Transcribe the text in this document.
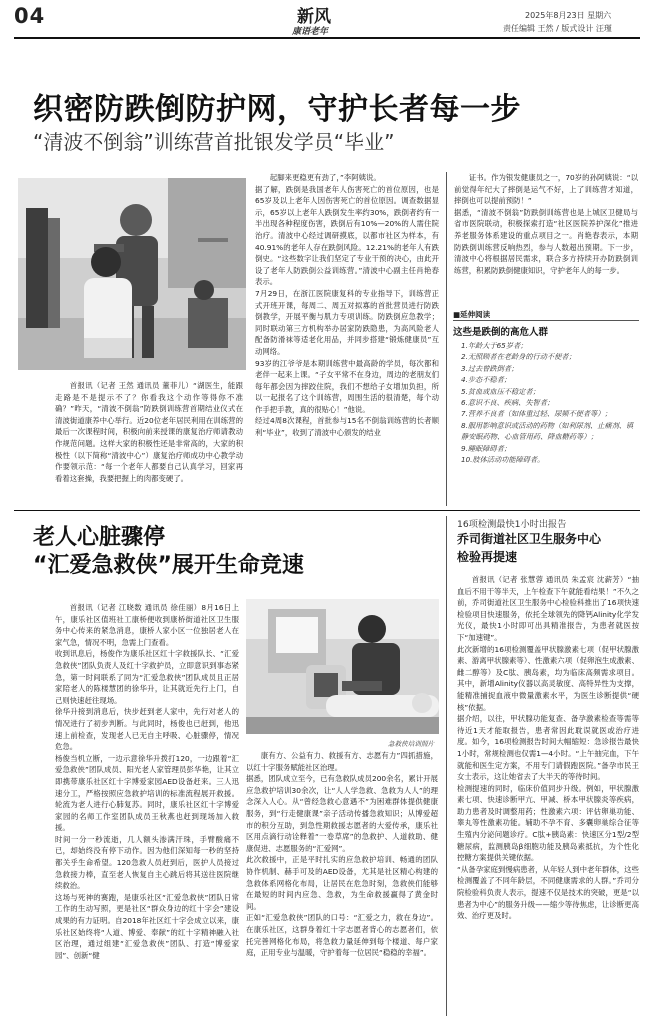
04	新风
康语老年
2025年8月23日 星期六
责任编辑 王然 / 版式设计 汪瑾
织密防跌倒防护网，守护长者每一步
“清波不倒翁”训练营首批银发学员“毕业”
首报讯（记者 王然 通讯员 董菲儿）“湖医生，能跟走路是不是提示不了？你看我这个动作等得你不准确？”昨天，“清波不倒翁”防跌倒训练营首期结业仪式在清波街道康养中心举行。近20位老年居民利用在训练营的最后一次课程时间，积极向前来授课的康复治疗师请教动作规范问题。这样大家的积极性还是非常高的，大家的积极性（以下简称“清波中心”）康复治疗师成功中心教学动作要领示范：“每一个老年人都要自己认真学习，回家再看着这套操，我要把握上的肉都变硬了。
起脚来更稳更有劲了，”李阿姨说。
据了解，跌倒是我国老年人伤害死亡的首位原因，也是65岁及以上老年人因伤害死亡的首位原因。调查数据显示，65岁以上老年人跌倒发生率约30%，跌倒者约有一半出现各种程度伤害，跌倒后有10%—20%的人需住院治疗。清波中心经过调研摸底，以都市社区为样本，有40.91%的老年人存在跌倒风险。12.21%的老年人有跌倒史。“这些数字让我们坚定了专业干预的决心，由此开设了老年人防跌倒公益训练营。”清波中心副主任肖艳春表示。
7月29日，在浙江医院康复科的专业指导下，训练营正式开班开课，每周二、周五对拟寡的首批营员进行防跌倒教学，开展平衡与肌力专项训练。防跌倒应急教学；同时联动第三方机构举办居家防跌隐患，为高风险老人配备防滑袜等适老化用品，并同步搭建“锻炼健康员”互动网络。
93岁的江爷爷是本期训练营中最高龄的学员，每次都和老伴一起来上课。“子女平常不在身边，周边的老朋友们每年都会因为摔跤住院，我们不想给子女增加负担，所以一起报名了这个训练营，周围生活的很清楚，每个动作手把手教，真的很贴心！”他说。
经过4周8次课程，首批参与15名不倒翁训练营的长者顺利“毕业”，收到了清波中心颁发的结业
证书。作为银发健康员之一，70岁的孙阿姨说：“以前觉得年纪大了摔倒是运气不好，上了训练营才知道，摔倒也可以提前预防！”
据悉，“清波不倒翁”防跌倒训练营也是上城区卫健局与省市医院联动，积极探索打造“社区医院养护深化”推进养老服务体系建设的重点项目之一。肖艳春表示，本期防跌倒训练营反响热烈，参与人数超出预期。下一步，清波中心将根据居民需求，联合多方持续开办防跌倒训练营，积累防跌倒健康知识，守护老年人的每一步。
■延伸阅读
这些是跌倒的高危人群
1.年龄大于65岁者；
2.无照顾者在老龄身的行动不便者；
3.过去曾跌倒者；
4.步态不稳者；
5.贫血或血压不稳定者；
6.意识不良、疾病、失智者；
7.营养不良者（如体重过轻、尿频不便者等）；
8.服用影响意识或活动的药物（如利尿剂、止痛剂、镇静安眠药物、心血管用药、降血糖药等）；
9.睡眠障碍者；
10.肢体活动功能障碍者。
老人心脏骤停
“汇爱急救侠”展开生命竞速
首报讯（记者 江晓数 通讯员 徐佳丽）8月16日上午，康乐社区值班社工康桥便收到康桥街道社区卫生服务中心传来的紧急消息，康桥人家小区一位独居老人在家气急，情况不明，急需上门查看。
收到讯息后，杨俊作为康乐社区红十字救援队长、“汇爱急救侠”团队负责人及红十字救护员，立即意识到事态紧急，第一时间联系了同为“汇爱急救侠”团队成员且正居家陪老人的陈楼慧团的徐华升，让其就近先行上门，自己则快速赶往现场。
徐华升接到消息后，快步赶到老人家中，先行对老人的情况进行了初步判断。与此同时，杨俊也已赶到，他迅速上前检查，发现老人已无自主呼吸、心脏骤停，情况危急。
杨俊当机立断，一边示意徐华升拨打120，一边跟着“汇爱急救侠”团队成员、阳光老人家管理员彭华艳，让其立即携带康乐社区红十字博爱家园AED设备赶来。三人迅速分工，严格按照应急救护培训的标准流程展开救援。轮流为老人进行心肺复苏。同时，康乐社区红十字博爱家园的名师工作室团队成员王秋燕也赶到现场加入救援。
时间一分一秒流逝，几人额头渗满汗珠，手臂酸痛不已，却始终没有停下动作。因为他们深知每一秒的坚持都关乎生命希望。120急救人员赶到后，医护人员接过急救接力棒，直至老人恢复自主心跳后将其送往医院继续救治。
这场与死神的赛跑，是康乐社区“汇爱急救侠”团队日常工作的生动写照，更是社区“群众身边的红十字会”建设成果的有力证明。自2018年社区红十字会成立以来，康乐社区始终将“人道、博爱、奉献”的红十字精神融入社区治理，通过组建“汇爱急救侠”团队、打造“博爱家园”、创新“健
急救侠培训照片
康有方、公益有力、救援有方、志愿有力”四抓措施，以红十字服务赋能社区治理。
据悉，团队成立至今，已有急救队成员200余名，累计开展应急救护培训30余次，让“人人学急救、急救为人人”的理念深入人心。从“曾经急救心意遇不”为困难群体提供健康服务，到“行走健康课”亲子活动传播急救知识；从博爱超市的积分互助，到急性期救援志愿者的大爱传承，康乐社区用点滴行动诠释着“一卷草席”的急救护、人道救助、健康促进、志愿服务的“汇爱网”。
此次救援中，正是平时扎实的应急救护培训、畅通的团队协作机制、赫手可及的AED设备，尤其是社区精心构建的急救体系网格化布局，让居民在危急时刻，急救侠们能够在最短的时间内应急、急救，为生命救援赢得了黄金时间。
正如“汇爱急救侠”团队的口号：“汇爱之力，救在身边”。在康乐社区，这群身着红十字志愿者背心的志愿者们，依托完善网格化布局，将急救力量延伸到每个楼道、每户家庭，正用专业与温暖，守护着每一位居民“稳稳的幸福”。
16项检测最快1小时出报告
乔司街道社区卫生服务中心
检验再提速
首报讯（记者 张慧蓉 通讯员 朱孟宸 沈薪芳）“抽血后不用干等半天，上午检查下午就能看结果！”不久之前，乔司街道社区卫生服务中心检验科推出了16项快速检验项目快速服务，依托全球领先的降钙Alinity化学发光仪，最快1小时即可出具精准报告，为患者就医按下“加速键”。
此次新增的16项检测覆盖甲状腺激素七项（促甲状腺激素、游离甲状腺素等）、性激素六项（促卵泡生成激素、雌二醇等）及C肽、胰岛素，均为临床高频需求项目。其中，新增Alinity仪器以高灵敏度、高特异性为支撑，能精准捕捉血液中微量激素水平，为医生诊断提供“硬核”依据。
据介绍，以往，甲状腺功能复查、备孕激素检查等需等待近1天才能取报告，患者常因此耽误就医或治疗进度。如今，16项检测报告时间大幅缩短：急诊报告最快1小时，常规检测也仅需1—4小时。“上午抽完血，下午就能和医生定方案，不用专门请假跑医院。”备孕市民王女士表示，这让她省去了大半天的等待时间。
检测提速的同时，临床价值同步升级。例如，甲状腺激素七项、快速诊断甲亢、甲减、桥本甲状腺炎等疾病，助力患者及时调整用药；性激素六项：评估卵巢功能、睾丸等性激素功能。辅助不孕不育、多囊卵巢综合征等生殖内分泌问题诊疗。C肽+胰岛素：快速区分1型/2型糖尿病，监测胰岛β细胞功能及胰岛素抵抗，为个性化控糖方案提供关键依据。
“从备孕家庭到慢病患者，从年轻人到中老年群体，这些检测覆盖了不同年龄层，不同健康需求的人群。”乔司分院检验科负责人表示，提速不仅是技术的突破，更是“以患者为中心”的服务升级——缩少等待焦虑，让诊断更高效、治疗更及时。
